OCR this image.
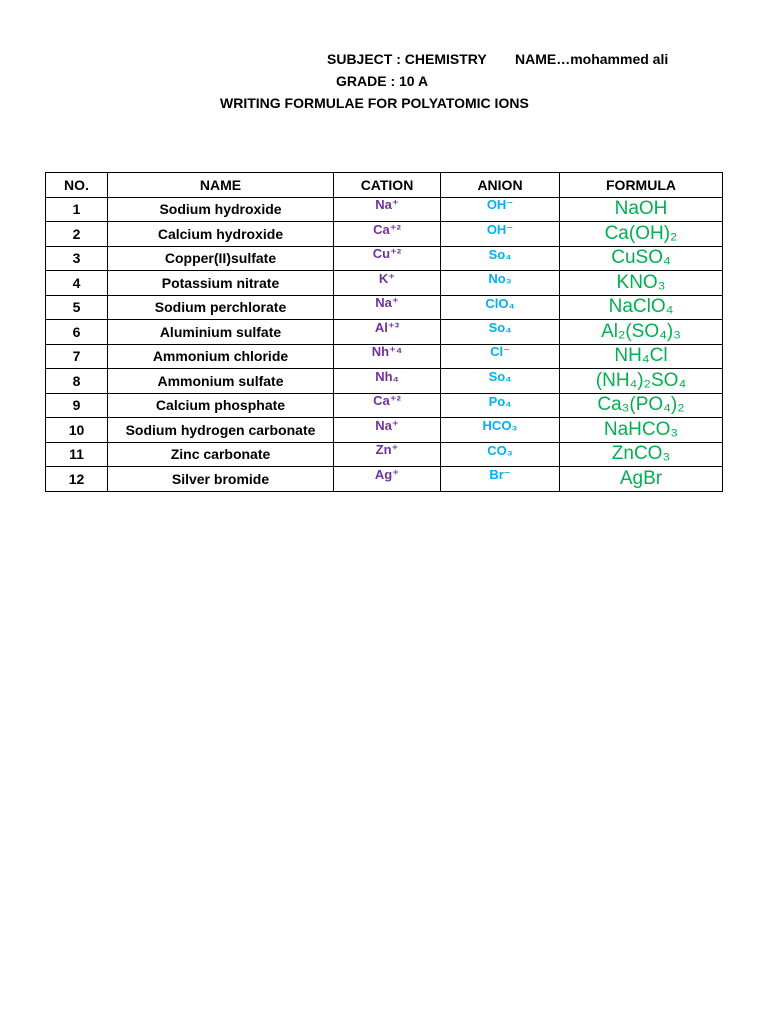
SUBJECT : CHEMISTRY NAME…mohammed ali
GRADE : 10 A
WRITING FORMULAE FOR POLYATOMIC IONS
NO.	NAME	CATION	ANION	FORMULA
1	Sodium hydroxide	Na⁺	OH⁻	NaOH
2	Calcium hydroxide	Ca⁺²	OH⁻	Ca(OH)₂
3	Copper(II)sulfate	Cu⁺²	So₄	CuSO₄
4	Potassium nitrate	K⁺	No₃	KNO₃
5	Sodium perchlorate	Na⁺	ClO₄	NaClO₄
6	Aluminium sulfate	Al⁺³	So₄	Al₂(SO₄)₃
7	Ammonium chloride	Nh⁺⁴	Cl⁻	NH₄Cl
8	Ammonium sulfate	Nh₄	So₄	(NH₄)₂SO₄
9	Calcium phosphate	Ca⁺²	Po₄	Ca₃(PO₄)₂
10	Sodium hydrogen carbonate	Na⁺	HCO₃	NaHCO₃
11	Zinc carbonate	Zn⁺	CO₃	ZnCO₃
12	Silver bromide	Ag⁺	Br⁻	AgBr
